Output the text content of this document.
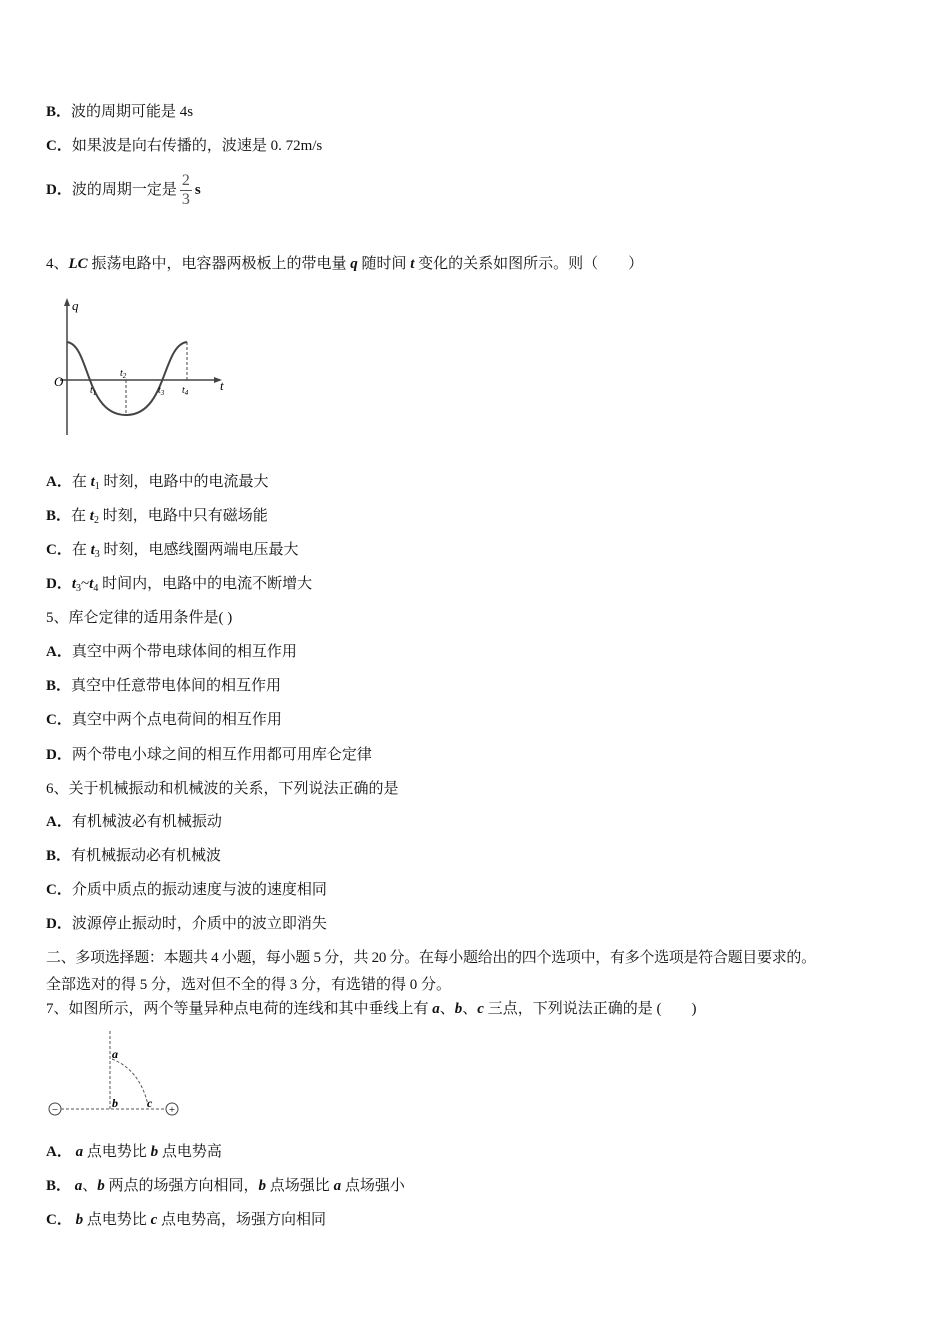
B．波的周期可能是 4s
C．如果波是向右传播的，波速是 0. 72m/s
D．波的周期一定是 $\frac{2}{3}$ s
4、LC 振荡电路中，电容器两极板上的带电量 q 随时间 t 变化的关系如图所示。则（　　）
q
t
O
$t_1$
$t_2$
$t_3$ $t_4$
A．在 $t_1$ 时刻，电路中的电流最大
B．在 $t_2$ 时刻，电路中只有磁场能
C．在 $t_3$ 时刻，电感线圈两端电压最大
D．$t_3\sim t_4$ 时间内，电路中的电流不断增大
5、库仑定律的适用条件是( )
A．真空中两个带电球体间的相互作用
B．真空中任意带电体间的相互作用
C．真空中两个点电荷间的相互作用
D．两个带电小球之间的相互作用都可用库仑定律
6、关于机械振动和机械波的关系，下列说法正确的是
A．有机械波必有机械振动
B．有机械振动必有机械波
C．介质中质点的振动速度与波的速度相同
D．波源停止振动时，介质中的波立即消失
二、多项选择题：本题共 4 小题，每小题 5 分，共 20 分。在每小题给出的四个选项中，有多个选项是符合题目要求的。
全部选对的得 5 分，选对但不全的得 3 分，有选错的得 0 分。
7、如图所示，两个等量异种点电荷的连线和其中垂线上有 a、b、c 三点，下列说法正确的是 (　　)
−	+
a
b c
A． a 点电势比 b 点电势高
B． a、b 两点的场强方向相同，b 点场强比 a 点场强小
C． b 点电势比 c 点电势高，场强方向相同
